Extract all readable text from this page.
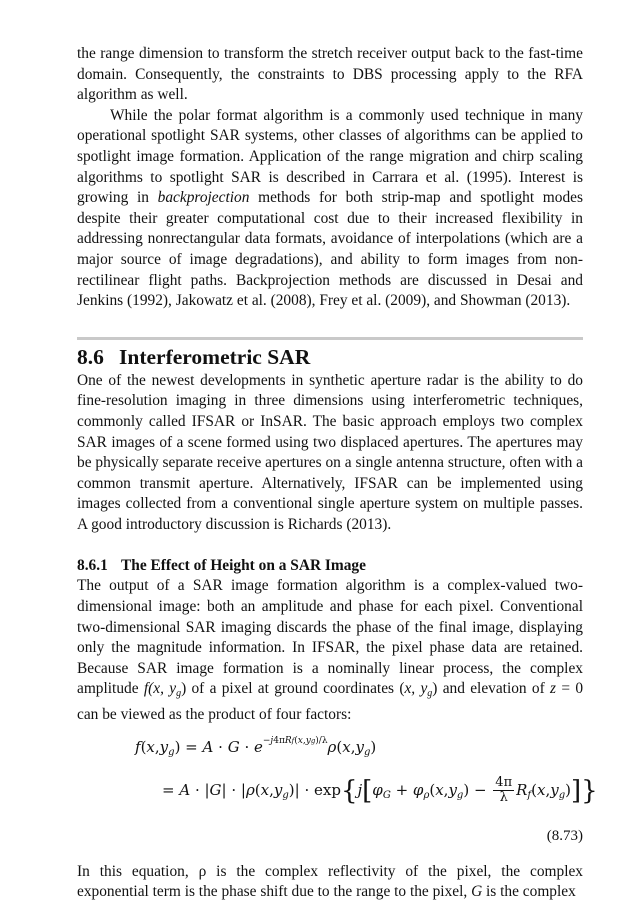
the range dimension to transform the stretch receiver output back to the fast-time domain. Consequently, the constraints to DBS processing apply to the RFA algorithm as well.

While the polar format algorithm is a commonly used technique in many operational spotlight SAR systems, other classes of algorithms can be applied to spotlight image formation. Application of the range migration and chirp scaling algorithms to spotlight SAR is described in Carrara et al. (1995). Interest is growing in backprojection methods for both strip-map and spotlight modes despite their greater computational cost due to their increased flexibility in addressing nonrectangular data formats, avoidance of interpolations (which are a major source of image degradations), and ability to form images from non-rectilinear flight paths. Backprojection methods are discussed in Desai and Jenkins (1992), Jakowatz et al. (2008), Frey et al. (2009), and Showman (2013).

8.6 Interferometric SAR

One of the newest developments in synthetic aperture radar is the ability to do fine-resolution imaging in three dimensions using interferometric techniques, commonly called IFSAR or InSAR. The basic approach employs two complex SAR images of a scene formed using two displaced apertures. The apertures may be physically separate receive apertures on a single antenna structure, often with a common transmit aperture. Alternatively, IFSAR can be implemented using images collected from a conventional single aperture system on multiple passes. A good introductory discussion is Richards (2013).

8.6.1 The Effect of Height on a SAR Image

The output of a SAR image formation algorithm is a complex-valued two-dimensional image: both an amplitude and phase for each pixel. Conventional two-dimensional SAR imaging discards the phase of the final image, displaying only the magnitude information. In IFSAR, the pixel phase data are retained. Because SAR image formation is a nominally linear process, the complex amplitude f(x, $y_g$) of a pixel at ground coordinates (x, $y_g$) and elevation of z = 0 can be viewed as the product of four factors:

$f(x,y_g) = A \cdot G \cdot e^{-j4\pi Rf(x,yg)/\lambda}\rho(x,y_g)$
= $A \cdot |G| \cdot |\rho(x,y_g)| \cdot \exp\{j[\varphi_G + \varphi_\rho(x,y_g) - \frac{4\pi}{\lambda} R_f(x,y_g)]\}$
(8.73)

In this equation, ρ is the complex reflectivity of the pixel, the complex exponential term is the phase shift due to the range to the pixel, G is the complex
